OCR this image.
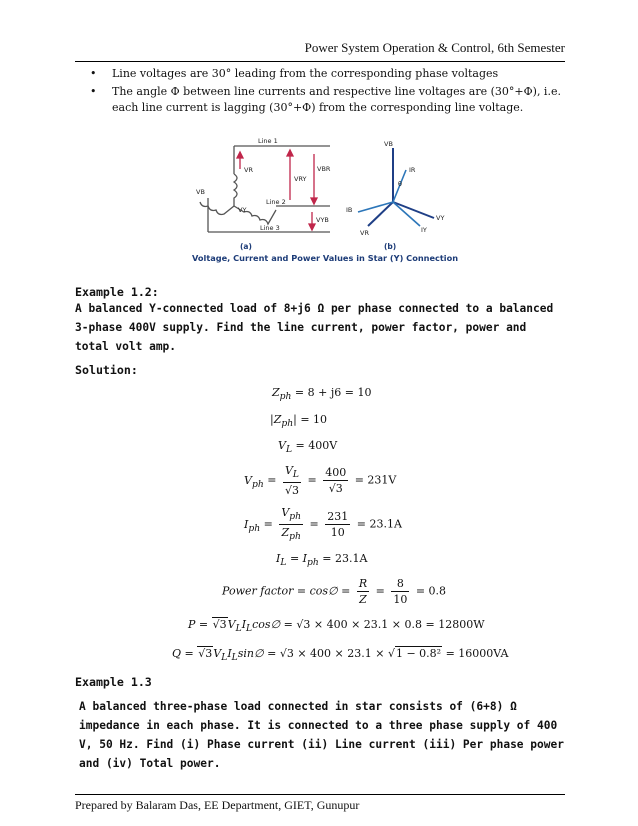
Power System Operation & Control, 6th Semester
• Line voltages are 30° leading from the corresponding phase voltages
• The angle Φ between line currents and respective line voltages are (30°+Φ), i.e. each line current is lagging (30°+Φ) from the corresponding line voltage.
Line 1
Line 2
Line 3
VR
VB
VY
VRY
VBR
VYB
VB
IR
IB
VY
IY
VR
θ
(a)	(b)
Voltage, Current and Power Values in Star (Y) Connection
Example 1.2:
A balanced Y-connected load of 8+j6 Ω per phase connected to a balanced 3-phase 400V supply. Find the line current, power factor, power and total volt amp.
Solution:
$Z_{ph} = 8 + j6 = 10$
$|Z_{ph}| = 10$
$V_L = 400V$
$V_{ph} = \frac{V_L}{√3} = \frac{400}{√3} = 231V$
$I_{ph} = \frac{V_{ph}}{Z_{ph}} = \frac{231}{10} = 23.1A$
$I_L = I_{ph} = 23.1A$
Power factor = cos∅ = $\frac{R}{Z} = \frac{8}{10} = 0.8$
$P = √3V_LI_L\cos\emptyset = √3 \times 400 \times 23.1 \times 0.8 = 12800W$
$Q = √3V_LI_L\sin\emptyset = √3 \times 400 \times 23.1 \times √1 - 0.8^2 = 16000VA$
Example 1.3
A balanced three-phase load connected in star consists of (6+8) Ω impedance in each phase. It is connected to a three phase supply of 400 V, 50 Hz. Find (i) Phase current (ii) Line current (iii) Per phase power and (iv) Total power.
Prepared by Balaram Das, EE Department, GIET, Gunupur
